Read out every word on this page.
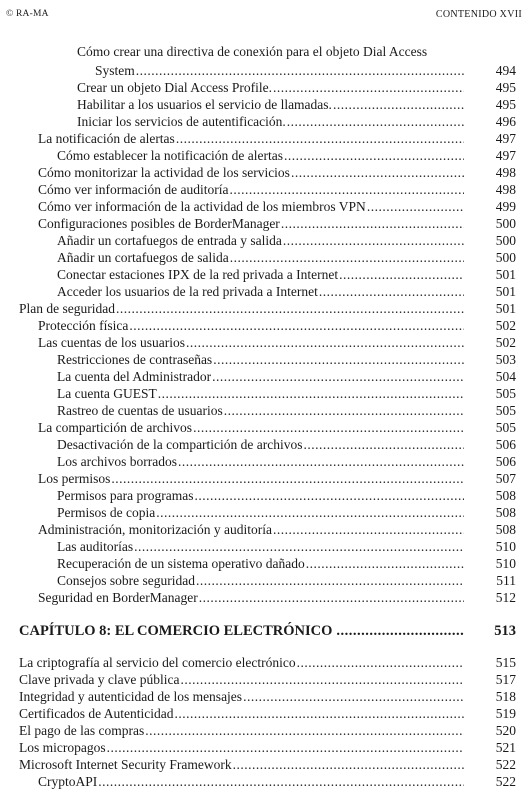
© RA-MA	CONTENIDO XVII
Cómo crear una directiva de conexión para el objeto Dial Access
System .....	494
Crear un objeto Dial Access Profile. .....	495
Habilitar a los usuarios el servicio de llamadas. .....	495
Iniciar los servicios de autentificación. .....	496
La notificación de alertas .....	497
Cómo establecer la notificación de alertas .....	497
Cómo monitorizar la actividad de los servicios .....	498
Cómo ver información de auditoría .....	498
Cómo ver información de la actividad de los miembros VPN .....	499
Configuraciones posibles de BorderManager .....	500
Añadir un cortafuegos de entrada y salida .....	500
Añadir un cortafuegos de salida .....	500
Conectar estaciones IPX de la red privada a Internet .....	501
Acceder los usuarios de la red privada a Internet .....	501
Plan de seguridad .....	501
Protección física .....	502
Las cuentas de los usuarios .....	502
Restricciones de contraseñas .....	503
La cuenta del Administrador .....	504
La cuenta GUEST .....	505
Rastreo de cuentas de usuarios .....	505
La compartición de archivos .....	505
Desactivación de la compartición de archivos .....	506
Los archivos borrados .....	506
Los permisos .....	507
Permisos para programas .....	508
Permisos de copia .....	508
Administración, monitorización y auditoría .....	508
Las auditorías .....	510
Recuperación de un sistema operativo dañado .....	510
Consejos sobre seguridad .....	511
Seguridad en BorderManager .....	512
CAPÍTULO 8: EL COMERCIO ELECTRÓNICO .....	513
La criptografía al servicio del comercio electrónico .....	515
Clave privada y clave pública .....	517
Integridad y autenticidad de los mensajes .....	518
Certificados de Autenticidad .....	519
El pago de las compras .....	520
Los micropagos .....	521
Microsoft Internet Security Framework .....	522
CryptoAPI .....	522
